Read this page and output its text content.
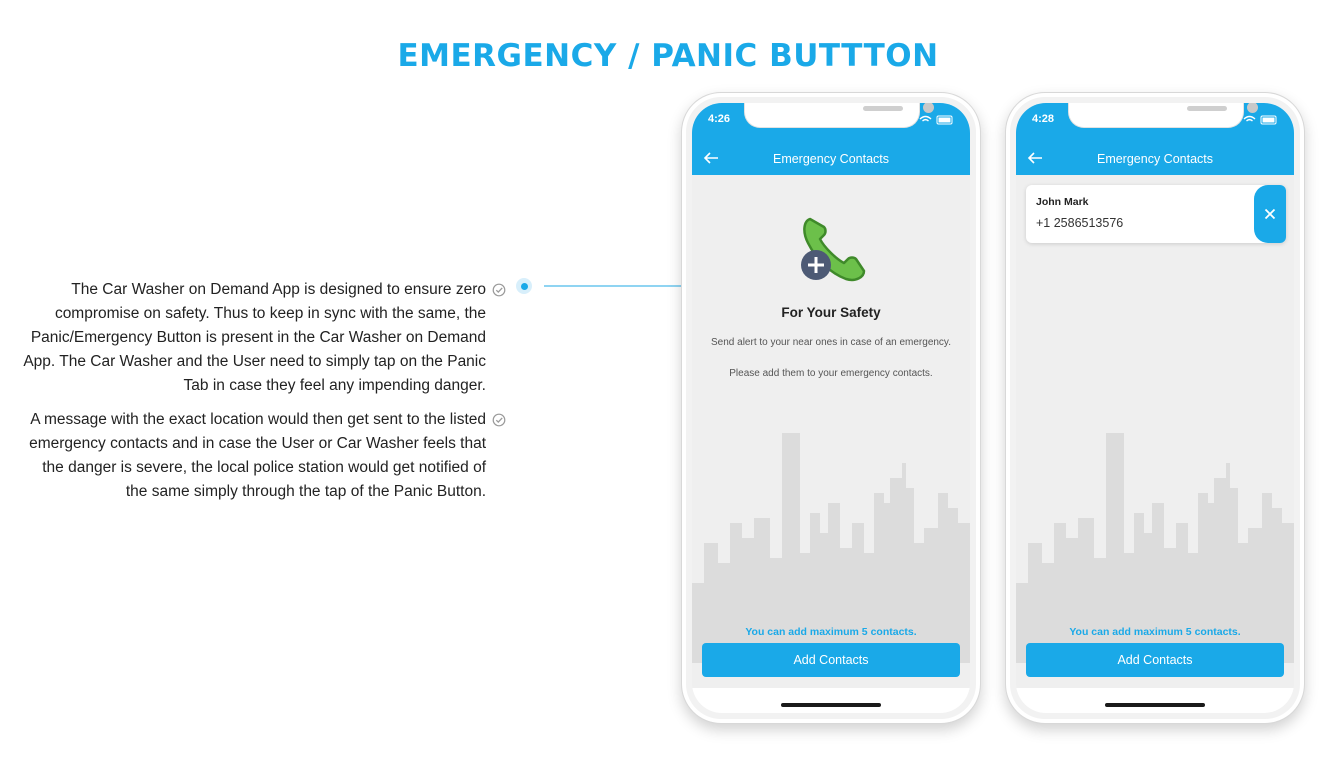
EMERGENCY / PANIC BUTTTON
The Car Washer on Demand App is designed to ensure zero compromise on safety. Thus to keep in sync with the same, the Panic/Emergency Button is present in the Car Washer on Demand App. The Car Washer and the User need to simply tap on the Panic Tab in case they feel any impending danger.
A message with the exact location would then get sent to the listed emergency contacts and in case the User or Car Washer feels that the danger is severe, the local police station would get notified of the same simply through the tap of the Panic Button.
4:26
Emergency Contacts
For Your Safety
Send alert to your near ones in case of an emergency.
Please add them to your emergency contacts.
You can add maximum 5 contacts.
Add Contacts
4:28
Emergency Contacts
John Mark
+1 2586513576
You can add maximum 5 contacts.
Add Contacts
